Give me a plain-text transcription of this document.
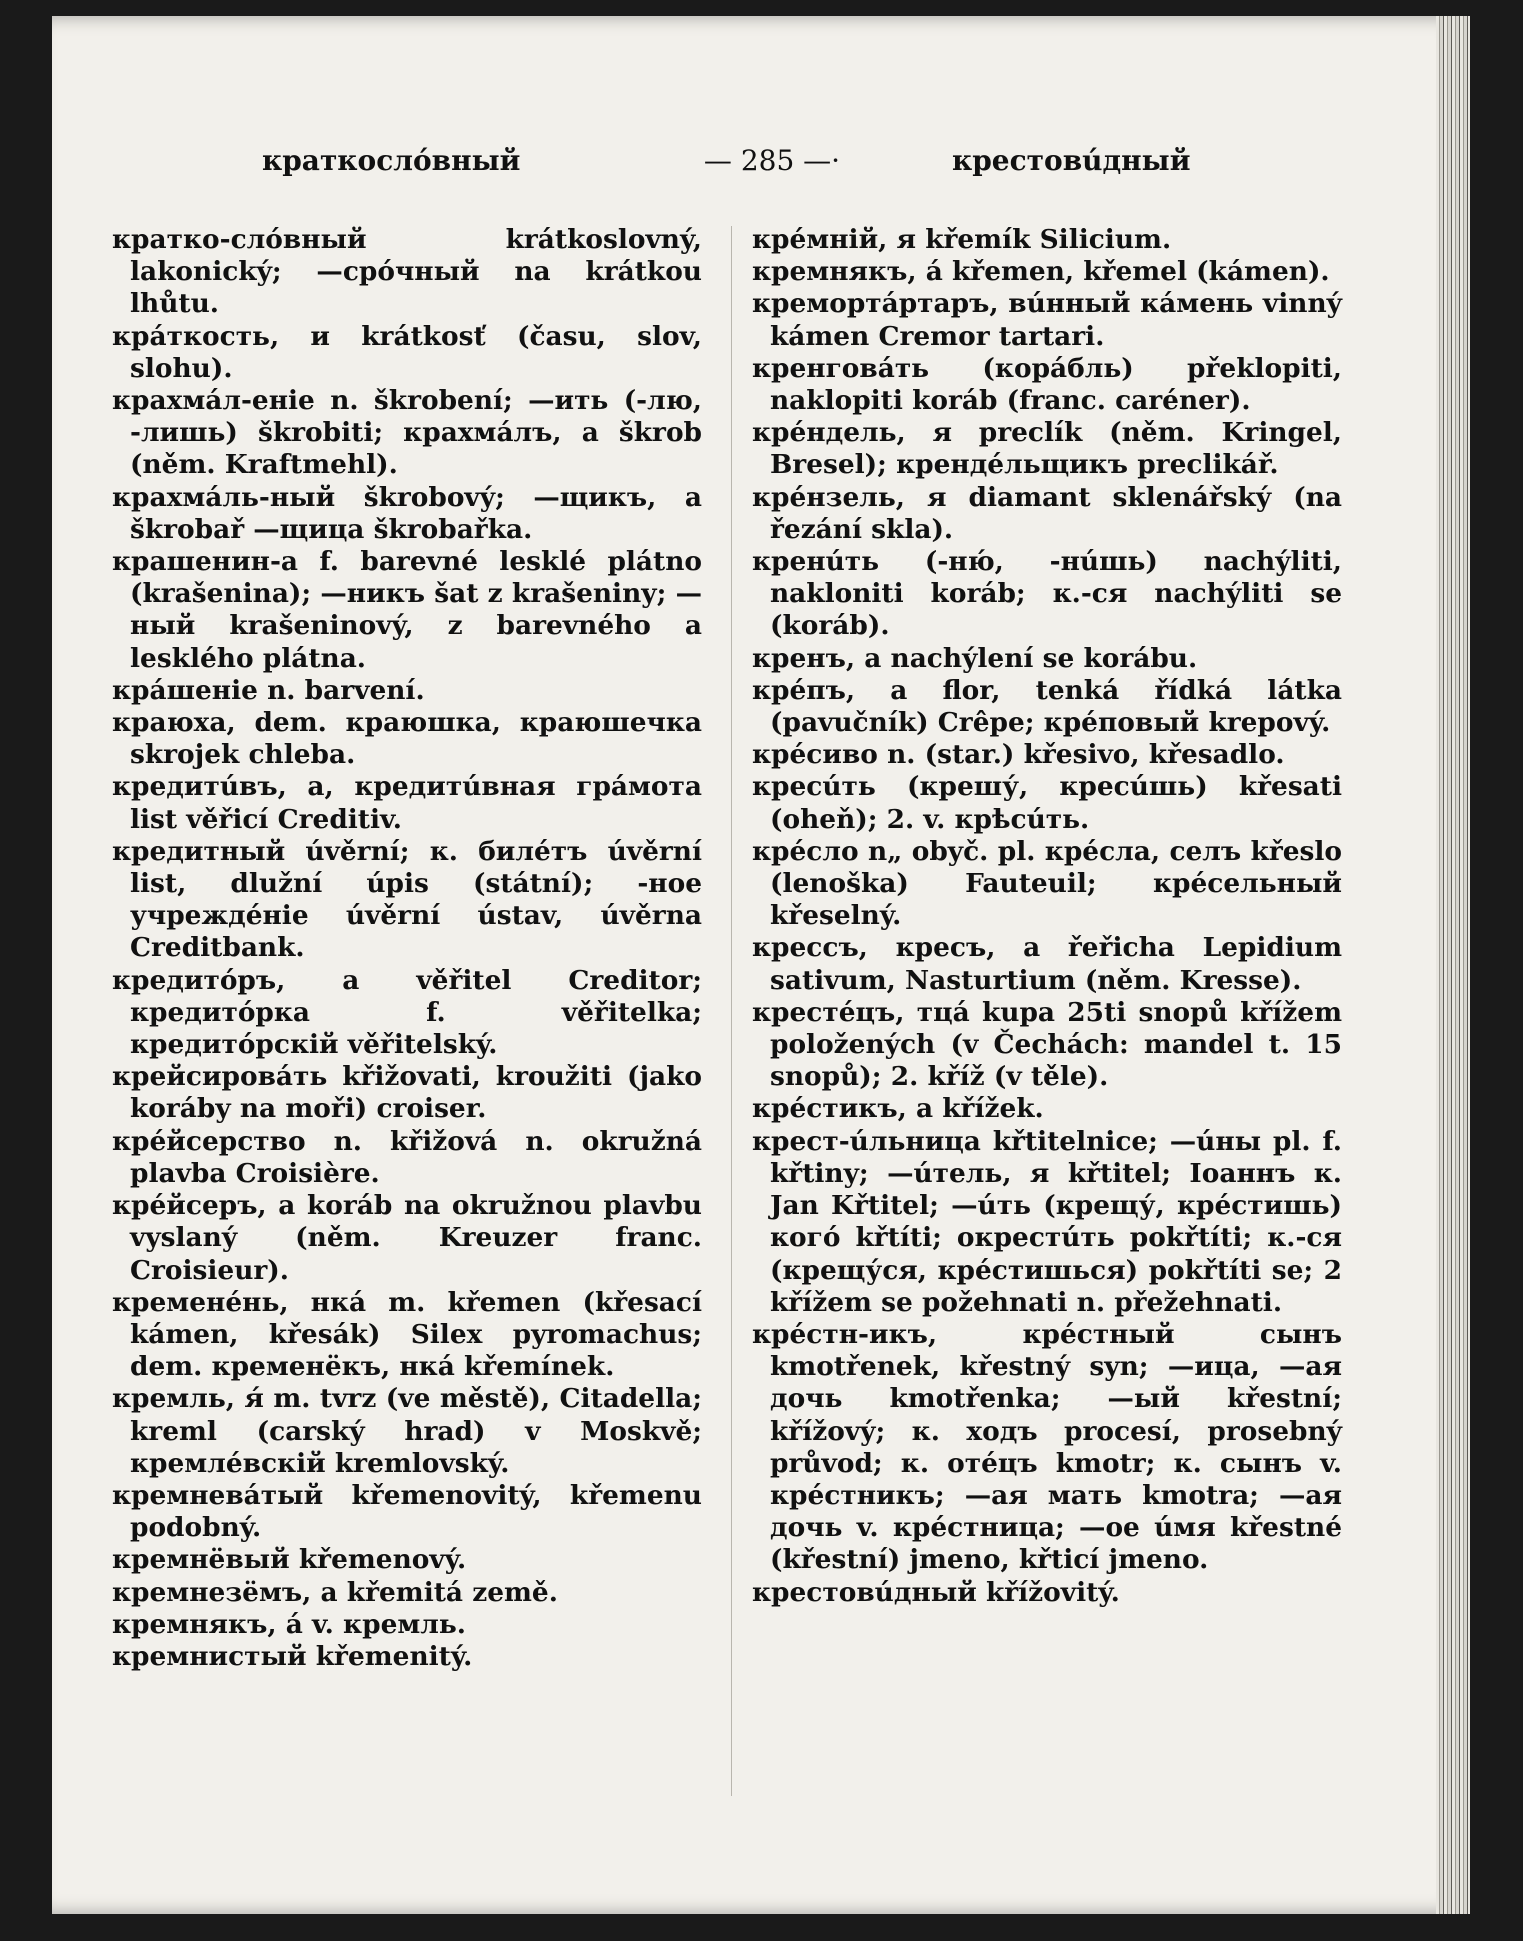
краткослóвный	— 285 —·	крестовúдный

кратко-слóвный krátkoslovný, lakonický; —срóчный na krátkou lhůtu.

крáткость, и krátkosť (času, slov, slohu).

крахмáл-еніе n. škrobení; —ить (-лю, -лишь) škrobiti; крахмáлъ, a škrob (něm. Kraftmehl).

крахмáль-ный škrobový; —щикъ, a škrobař —щица škrobařka.

крашенин-а f. barevné lesklé plátno (krašenina); —никъ šat z krašeniny; —ный krašeninový, z barevného a lesklého plátna.

крáшеніе n. barvení.

краюха, dem. краюшка, краюшечка skrojek chleba.

кредитúвъ, а, кредитúвная грáмота list věřicí Creditiv.

кредитный úvěrní; к. билéтъ úvěrní list, dlužní úpis (státní); -ное учреждéніе úvěrní ústav, úvěrna Creditbank.

кредитóръ, a věřitel Creditor; кредитóрка f. věřitelka; кредитóрскій věřitelský.

крейсировáть křižovati, kroužiti (jako koráby na moři) croiser.

крéйсерство n. křižová n. okružná plavba Croisière.

крéйсеръ, a koráb na okružnou plavbu vyslaný (něm. Kreuzer franc. Croisieur).

кременéнь, нкá m. křemen (křesací kámen, křesák) Silex pyromachus; dem. кременёкъ, нкá křemínek.

кремль, я́ m. tvrz (ve městě), Citadella; kreml (carský hrad) v Moskvě; кремлéвскій kremlovský.

кремневáтый křemenovitý, křemenu podobný.

кремнёвый křemenový.

кремнезёмъ, a křemitá země.

кремнякъ, á v. кремль.

кремнистый křemenitý.

крéмній, я křemík Silicium.

кремнякъ, á křemen, křemel (kámen).

кремортáртаръ, вúнный кáмень vinný kámen Cremor tartari.

кренговáть (корáбль) překlopiti, naklopiti koráb (franc. caréner).

крéндель, я preclík (něm. Kringel, Bresel); крендéльщикъ preclikář.

крéнзель, я diamant sklenářský (na řezání skla).

кренúть (-ню́, -нúшь) nachýliti, nakloniti koráb; к.-ся nachýliti se (koráb).

кренъ, а nachýlení se korábu.

крéпъ, a flor, tenká řídká látka (pavučník) Crêpe; крéповый krepový.

крéсиво n. (star.) křesivo, křesadlo.

кресúть (крешу́, кресúшь) křesati (oheň); 2. v. крѣсúть.

крéсло n„ obyč. pl. крéсла, селъ křeslo (lenoška) Fauteuil; крéсельный křeselný.

крессъ, кресъ, a řeřicha Lepidium sativum, Nasturtium (něm. Kresse).

крестéцъ, тцá kupa 25ti snopů křížem položených (v Čechách: mandel t. 15 snopů); 2. kříž (v těle).

крéстикъ, а křížek.

крест-úльница křtitelnice; —úны pl. f. křtiny; —úтель, я křtitel; Іоаннъ к. Jan Křtitel; —úть (крещу́, крéстишь) когó křtíti; окрестúть pokřtíti; к.-ся (крещу́ся, крéстишься) pokřtíti se; 2 křížem se požehnati n. přežehnati.

крéстн-икъ, крéстный сынъ kmotřenek, křestný syn; —ица, —ая дочь kmotřenka; —ый křestní; křížový; к. ходъ procesí, prosebný průvod; к. отéцъ kmotr; к. сынъ v. крéстникъ; —ая мать kmotra; —ая дочь v. крéстница; —ое úмя křestné (křestní) jmeno, křticí jmeno.

крестовúдный křížovitý.
